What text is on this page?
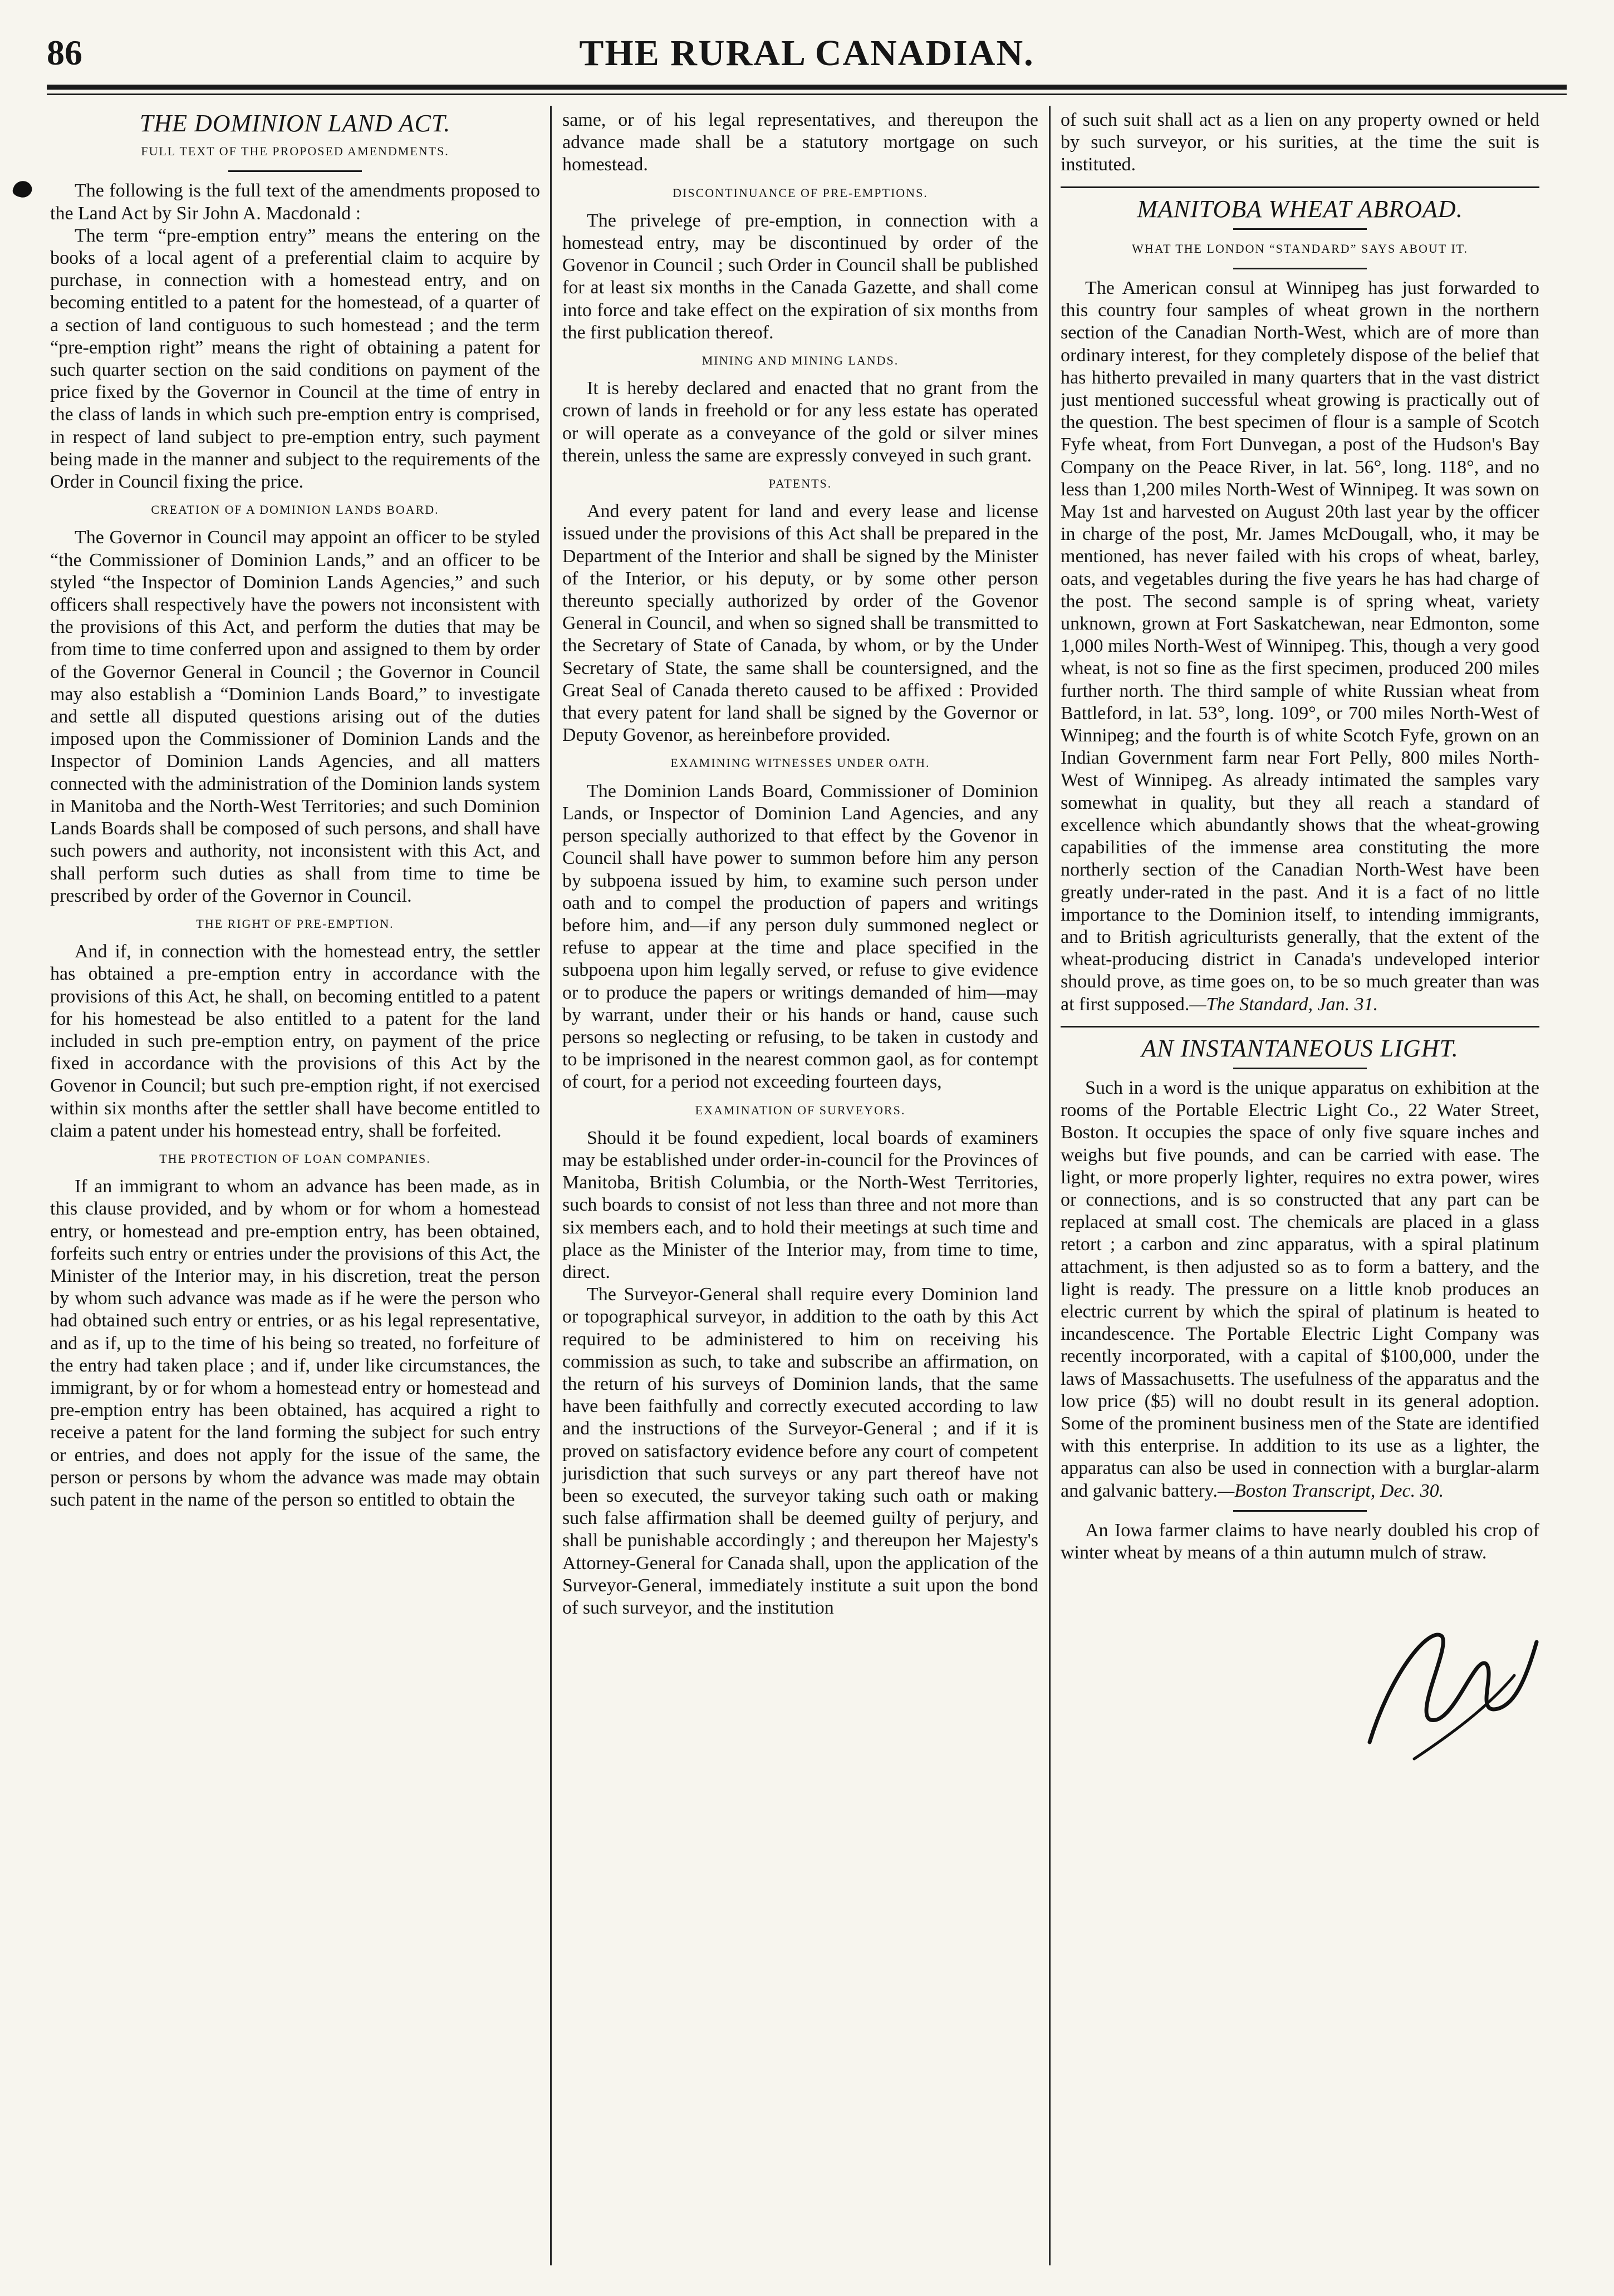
86	THE RURAL CANADIAN.
THE DOMINION LAND ACT.
FULL TEXT OF THE PROPOSED AMENDMENTS.

The following is the full text of the amendments proposed to the Land Act by Sir John A. Macdonald :

The term “pre-emption entry” means the entering on the books of a local agent of a preferential claim to acquire by purchase, in connection with a homestead entry, and on becoming entitled to a patent for the homestead, of a quarter of a section of land contiguous to such homestead ; and the term “pre-emption right” means the right of obtaining a patent for such quarter section on the said conditions on payment of the price fixed by the Governor in Council at the time of entry in the class of lands in which such pre-emption entry is comprised, in respect of land subject to pre-emption entry, such payment being made in the manner and subject to the requirements of the Order in Council fixing the price.

CREATION OF A DOMINION LANDS BOARD.

The Governor in Council may appoint an officer to be styled “the Commissioner of Dominion Lands,” and an officer to be styled “the Inspector of Dominion Lands Agencies,” and such officers shall respectively have the powers not inconsistent with the provisions of this Act, and perform the duties that may be from time to time conferred upon and assigned to them by order of the Governor General in Council ; the Governor in Council may also establish a “Dominion Lands Board,” to investigate and settle all disputed questions arising out of the duties imposed upon the Commissioner of Dominion Lands and the Inspector of Dominion Lands Agencies, and all matters connected with the administration of the Dominion lands system in Manitoba and the North-West Territories; and such Dominion Lands Boards shall be composed of such persons, and shall have such powers and authority, not inconsistent with this Act, and shall perform such duties as shall from time to time be prescribed by order of the Governor in Council.

THE RIGHT OF PRE-EMPTION.

And if, in connection with the homestead entry, the settler has obtained a pre-emption entry in accordance with the provisions of this Act, he shall, on becoming entitled to a patent for his homestead be also entitled to a patent for the land included in such pre-emption entry, on payment of the price fixed in accordance with the provisions of this Act by the Govenor in Council; but such pre-emption right, if not exercised within six months after the settler shall have become entitled to claim a patent under his homestead entry, shall be forfeited.

THE PROTECTION OF LOAN COMPANIES.

If an immigrant to whom an advance has been made, as in this clause provided, and by whom or for whom a homestead entry, or homestead and pre-emption entry, has been obtained, forfeits such entry or entries under the provisions of this Act, the Minister of the Interior may, in his discretion, treat the person by whom such advance was made as if he were the person who had obtained such entry or entries, or as his legal representative, and as if, up to the time of his being so treated, no forfeiture of the entry had taken place ; and if, under like circumstances, the immigrant, by or for whom a homestead entry or homestead and pre-emption entry has been obtained, has acquired a right to receive a patent for the land forming the subject for such entry or entries, and does not apply for the issue of the same, the person or persons by whom the advance was made may obtain such patent in the name of the person so entitled to obtain the

same, or of his legal representatives, and thereupon the advance made shall be a statutory mortgage on such homestead.

DISCONTINUANCE OF PRE-EMPTIONS.

The privelege of pre-emption, in connection with a homestead entry, may be discontinued by order of the Govenor in Council ; such Order in Council shall be published for at least six months in the Canada Gazette, and shall come into force and take effect on the expiration of six months from the first publication thereof.

MINING AND MINING LANDS.

It is hereby declared and enacted that no grant from the crown of lands in freehold or for any less estate has operated or will operate as a conveyance of the gold or silver mines therein, unless the same are expressly conveyed in such grant.

PATENTS.

And every patent for land and every lease and license issued under the provisions of this Act shall be prepared in the Department of the Interior and shall be signed by the Minister of the Interior, or his deputy, or by some other person thereunto specially authorized by order of the Govenor General in Council, and when so signed shall be transmitted to the Secretary of State of Canada, by whom, or by the Under Secretary of State, the same shall be countersigned, and the Great Seal of Canada thereto caused to be affixed : Provided that every patent for land shall be signed by the Governor or Deputy Govenor, as hereinbefore provided.

EXAMINING WITNESSES UNDER OATH.

The Dominion Lands Board, Commissioner of Dominion Lands, or Inspector of Dominion Land Agencies, and any person specially authorized to that effect by the Govenor in Council shall have power to summon before him any person by subpoena issued by him, to examine such person under oath and to compel the production of papers and writings before him, and—if any person duly summoned neglect or refuse to appear at the time and place specified in the subpoena upon him legally served, or refuse to give evidence or to produce the papers or writings demanded of him—may by warrant, under their or his hands or hand, cause such persons so neglecting or refusing, to be taken in custody and to be imprisoned in the nearest common gaol, as for contempt of court, for a period not exceeding fourteen days,

EXAMINATION OF SURVEYORS.

Should it be found expedient, local boards of examiners may be established under order-in-council for the Provinces of Manitoba, British Columbia, or the North-West Territories, such boards to consist of not less than three and not more than six members each, and to hold their meetings at such time and place as the Minister of the Interior may, from time to time, direct.

The Surveyor-General shall require every Dominion land or topographical surveyor, in addition to the oath by this Act required to be administered to him on receiving his commission as such, to take and subscribe an affirmation, on the return of his surveys of Dominion lands, that the same have been faithfully and correctly executed according to law and the instructions of the Surveyor-General ; and if it is proved on satisfactory evidence before any court of competent jurisdiction that such surveys or any part thereof have not been so executed, the surveyor taking such oath or making such false affirmation shall be deemed guilty of perjury, and shall be punishable accordingly ; and thereupon her Majesty's Attorney-General for Canada shall, upon the application of the Surveyor-General, immediately institute a suit upon the bond of such surveyor, and the institution

of such suit shall act as a lien on any property owned or held by such surveyor, or his surities, at the time the suit is instituted.

MANITOBA WHEAT ABROAD.
WHAT THE LONDON “STANDARD” SAYS ABOUT IT.

The American consul at Winnipeg has just forwarded to this country four samples of wheat grown in the northern section of the Canadian North-West, which are of more than ordinary interest, for they completely dispose of the belief that has hitherto prevailed in many quarters that in the vast district just mentioned successful wheat growing is practically out of the question. The best specimen of flour is a sample of Scotch Fyfe wheat, from Fort Dunvegan, a post of the Hudson's Bay Company on the Peace River, in lat. 56°, long. 118°, and no less than 1,200 miles North-West of Winnipeg. It was sown on May 1st and harvested on August 20th last year by the officer in charge of the post, Mr. James McDougall, who, it may be mentioned, has never failed with his crops of wheat, barley, oats, and vegetables during the five years he has had charge of the post. The second sample is of spring wheat, variety unknown, grown at Fort Saskatchewan, near Edmonton, some 1,000 miles North-West of Winnipeg. This, though a very good wheat, is not so fine as the first specimen, produced 200 miles further north. The third sample of white Russian wheat from Battleford, in lat. 53°, long. 109°, or 700 miles North-West of Winnipeg; and the fourth is of white Scotch Fyfe, grown on an Indian Government farm near Fort Pelly, 800 miles North-West of Winnipeg. As already intimated the samples vary somewhat in quality, but they all reach a standard of excellence which abundantly shows that the wheat-growing capabilities of the immense area constituting the more northerly section of the Canadian North-West have been greatly under-rated in the past. And it is a fact of no little importance to the Dominion itself, to intending immigrants, and to British agriculturists generally, that the extent of the wheat-producing district in Canada's undeveloped interior should prove, as time goes on, to be so much greater than was at first supposed.—The Standard, Jan. 31.

AN INSTANTANEOUS LIGHT.

Such in a word is the unique apparatus on exhibition at the rooms of the Portable Electric Light Co., 22 Water Street, Boston. It occupies the space of only five square inches and weighs but five pounds, and can be carried with ease. The light, or more properly lighter, requires no extra power, wires or connections, and is so constructed that any part can be replaced at small cost. The chemicals are placed in a glass retort ; a carbon and zinc apparatus, with a spiral platinum attachment, is then adjusted so as to form a battery, and the light is ready. The pressure on a little knob produces an electric current by which the spiral of platinum is heated to incandescence. The Portable Electric Light Company was recently incorporated, with a capital of $100,000, under the laws of Massachusetts. The usefulness of the apparatus and the low price ($5) will no doubt result in its general adoption. Some of the prominent business men of the State are identified with this enterprise. In addition to its use as a lighter, the apparatus can also be used in connection with a burglar-alarm and galvanic battery.—Boston Transcript, Dec. 30.

An Iowa farmer claims to have nearly doubled his crop of winter wheat by means of a thin autumn mulch of straw.
